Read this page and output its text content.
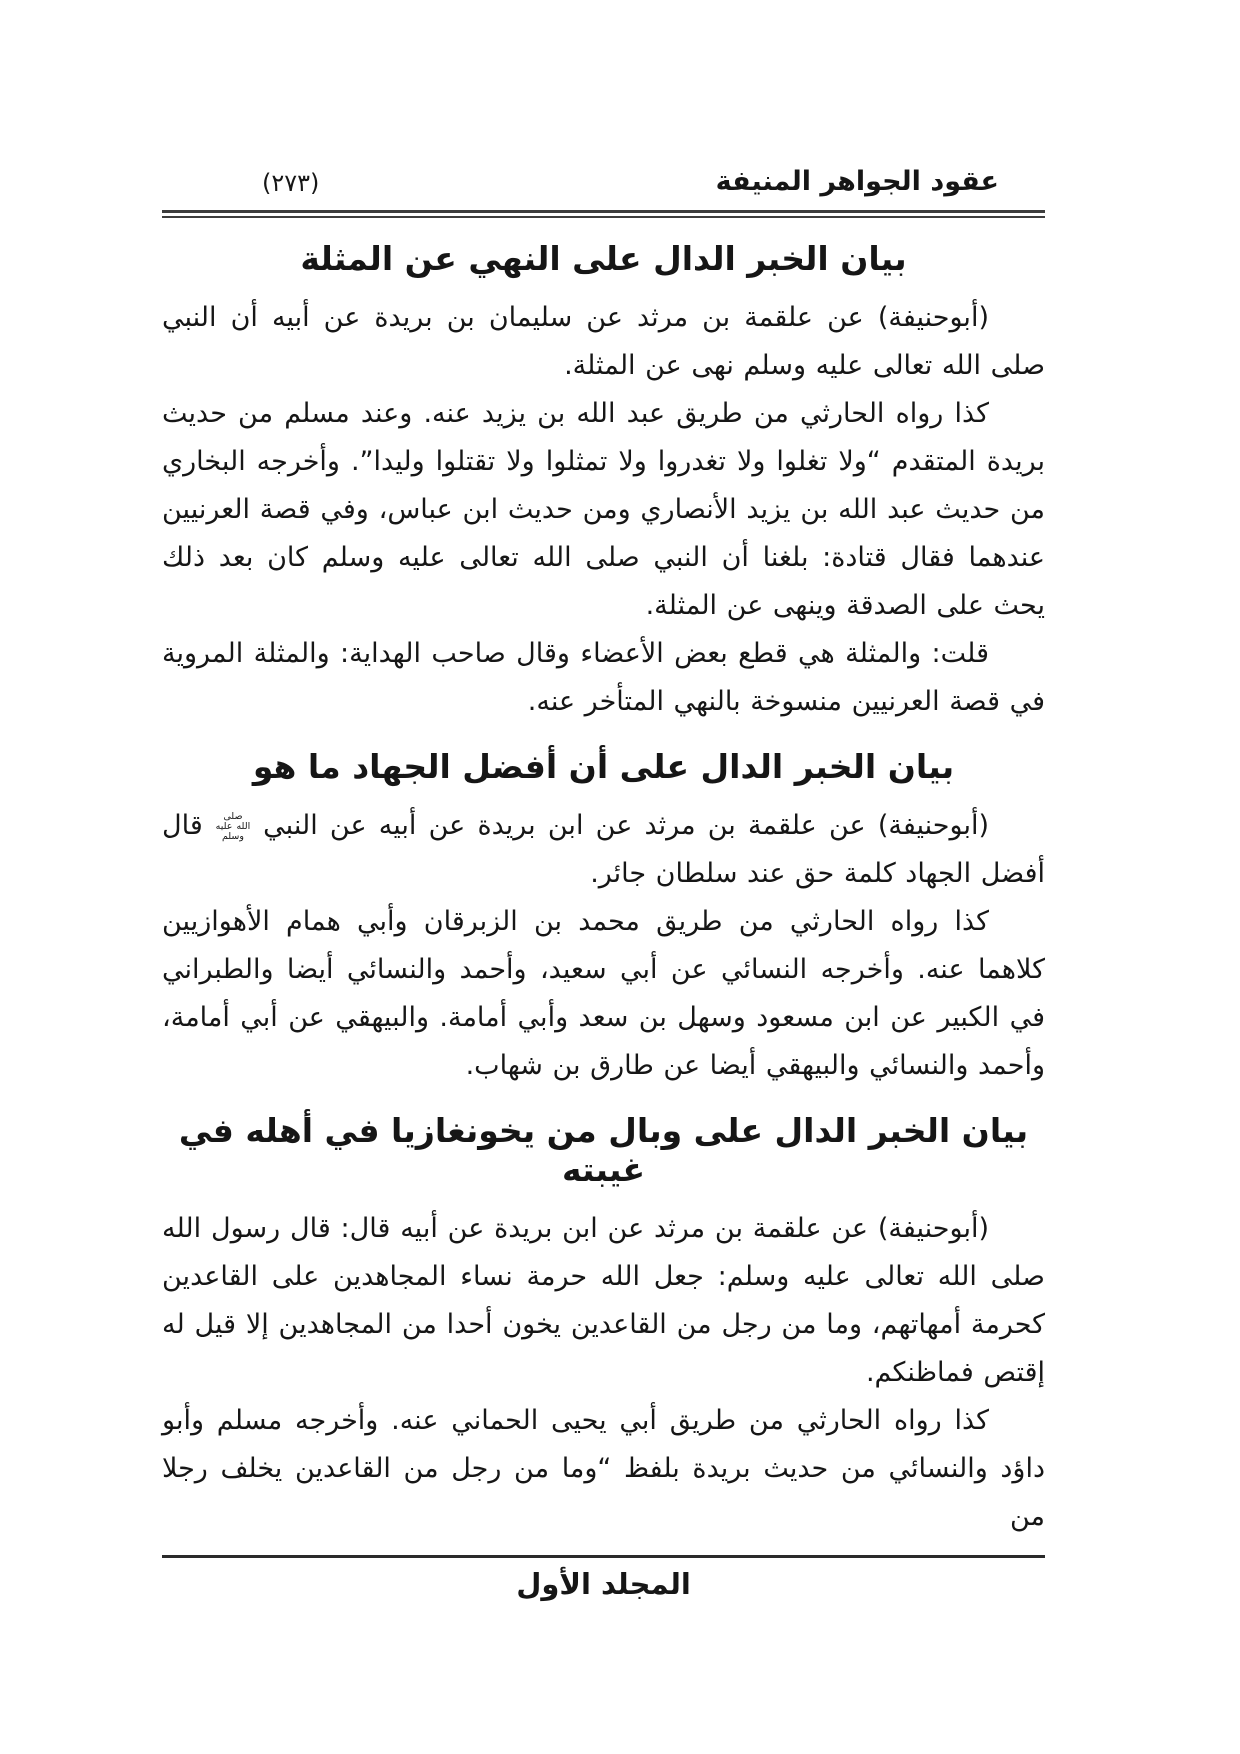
عقود الجواهر المنيفة
(٢٧٣)
بيان الخبر الدال على النهي عن المثلة

(أبوحنيفة) عن علقمة بن مرثد عن سليمان بن بريدة عن أبيه أن النبي صلى الله تعالى عليه وسلم نهى عن المثلة.

كذا رواه الحارثي من طريق عبد الله بن يزيد عنه. وعند مسلم من حديث بريدة المتقدم “ولا تغلوا ولا تغدروا ولا تمثلوا ولا تقتلوا وليدا”. وأخرجه البخاري من حديث عبد الله بن يزيد الأنصاري ومن حديث ابن عباس، وفي قصة العرنيين عندهما فقال قتادة: بلغنا أن النبي صلى الله تعالى عليه وسلم كان بعد ذلك يحث على الصدقة وينهى عن المثلة.

قلت: والمثلة هي قطع بعض الأعضاء وقال صاحب الهداية: والمثلة المروية في قصة العرنيين منسوخة بالنهي المتأخر عنه.

بيان الخبر الدال على أن أفضل الجهاد ما هو

(أبوحنيفة) عن علقمة بن مرثد عن ابن بريدة عن أبيه عن النبي صلى الله عليه وسلم قال أفضل الجهاد كلمة حق عند سلطان جائر.

كذا رواه الحارثي من طريق محمد بن الزبرقان وأبي همام الأهوازيين كلاهما عنه. وأخرجه النسائي عن أبي سعيد، وأحمد والنسائي أيضا والطبراني في الكبير عن ابن مسعود وسهل بن سعد وأبي أمامة. والبيهقي عن أبي أمامة، وأحمد والنسائي والبيهقي أيضا عن طارق بن شهاب.

بيان الخبر الدال على وبال من يخونغازيا في أهله في غيبته

(أبوحنيفة) عن علقمة بن مرثد عن ابن بريدة عن أبيه قال: قال رسول الله صلى الله تعالى عليه وسلم: جعل الله حرمة نساء المجاهدين على القاعدين كحرمة أمهاتهم، وما من رجل من القاعدين يخون أحدا من المجاهدين إلا قيل له إقتص فماظنكم.

كذا رواه الحارثي من طريق أبي يحيى الحماني عنه. وأخرجه مسلم وأبو داؤد والنسائي من حديث بريدة بلفظ “وما من رجل من القاعدين يخلف رجلا من

المجلد الأول
